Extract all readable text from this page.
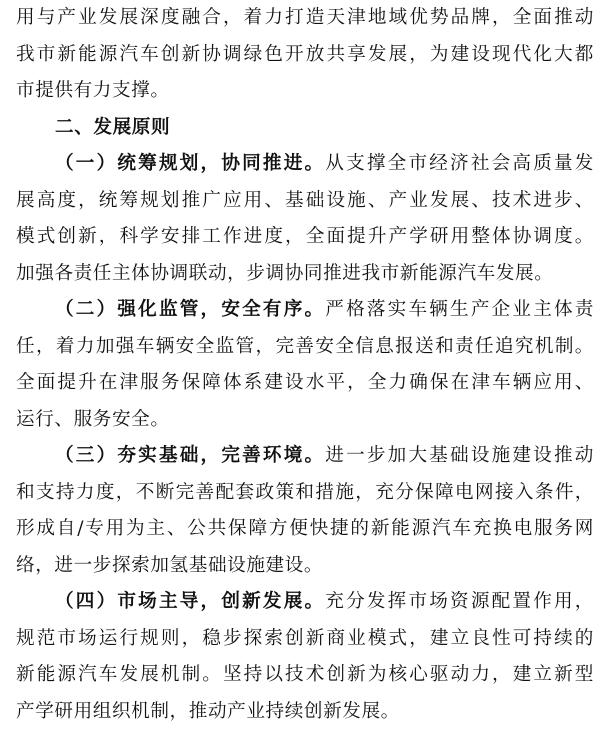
用与产业发展深度融合，着力打造天津地域优势品牌，全面推动
我市新能源汽车创新协调绿色开放共享发展，为建设现代化大都
市提供有力支撑。
二、发展原则
（一）统筹规划，协同推进。从支撑全市经济社会高质量发
展高度，统筹规划推广应用、基础设施、产业发展、技术进步、
模式创新，科学安排工作进度，全面提升产学研用整体协调度。
加强各责任主体协调联动，步调协同推进我市新能源汽车发展。
（二）强化监管，安全有序。严格落实车辆生产企业主体责
任，着力加强车辆安全监管，完善安全信息报送和责任追究机制。
全面提升在津服务保障体系建设水平，全力确保在津车辆应用、
运行、服务安全。
（三）夯实基础，完善环境。进一步加大基础设施建设推动
和支持力度，不断完善配套政策和措施，充分保障电网接入条件，
形成自/专用为主、公共保障方便快捷的新能源汽车充换电服务网
络，进一步探索加氢基础设施建设。
（四）市场主导，创新发展。充分发挥市场资源配置作用，
规范市场运行规则，稳步探索创新商业模式，建立良性可持续的
新能源汽车发展机制。坚持以技术创新为核心驱动力，建立新型
产学研用组织机制，推动产业持续创新发展。
